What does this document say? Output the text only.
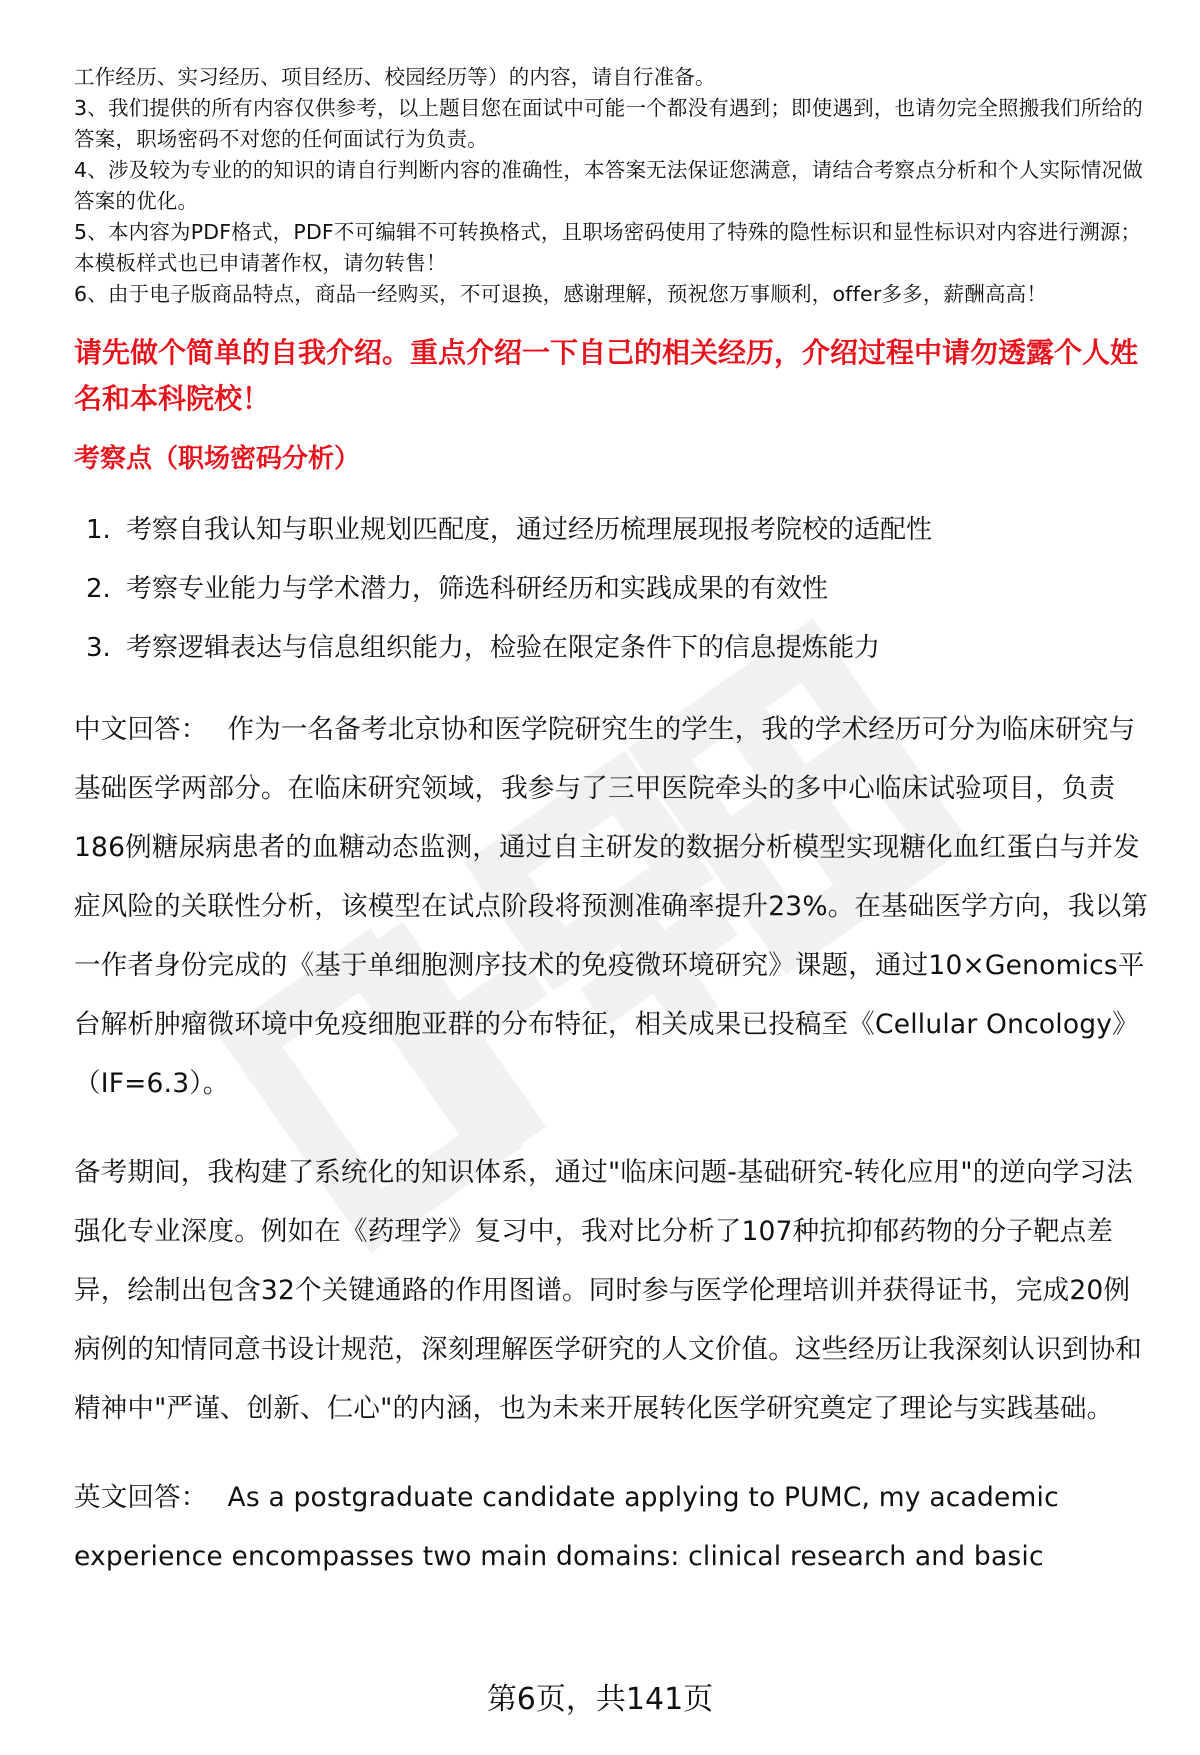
工作经历、实习经历、项目经历、校园经历等）的内容，请自行准备。

3、我们提供的所有内容仅供参考，以上题目您在面试中可能一个都没有遇到；即使遇到，也请勿完全照搬我们所给的答案，职场密码不对您的任何面试行为负责。

4、涉及较为专业的的知识的请自行判断内容的准确性，本答案无法保证您满意，请结合考察点分析和个人实际情况做答案的优化。

5、本内容为PDF格式，PDF不可编辑不可转换格式，且职场密码使用了特殊的隐性标识和显性标识对内容进行溯源；本模板样式也已申请著作权，请勿转售！

6、由于电子版商品特点，商品一经购买，不可退换，感谢理解，预祝您万事顺利，offer多多，薪酬高高！

请先做个简单的自我介绍。重点介绍一下自己的相关经历，介绍过程中请勿透露个人姓名和本科院校！
考察点（职场密码分析）
1. 考察自我认知与职业规划匹配度，通过经历梳理展现报考院校的适配性
2. 考察专业能力与学术潜力，筛选科研经历和实践成果的有效性
3. 考察逻辑表达与信息组织能力，检验在限定条件下的信息提炼能力

中文回答： 作为一名备考北京协和医学院研究生的学生，我的学术经历可分为临床研究与基础医学两部分。在临床研究领域，我参与了三甲医院牵头的多中心临床试验项目，负责186例糖尿病患者的血糖动态监测，通过自主研发的数据分析模型实现糖化血红蛋白与并发症风险的关联性分析，该模型在试点阶段将预测准确率提升23%。在基础医学方向，我以第一作者身份完成的《基于单细胞测序技术的免疫微环境研究》课题，通过10×Genomics平台解析肿瘤微环境中免疫细胞亚群的分布特征，相关成果已投稿至《Cellular Oncology》（IF=6.3）。

备考期间，我构建了系统化的知识体系，通过"临床问题-基础研究-转化应用"的逆向学习法强化专业深度。例如在《药理学》复习中，我对比分析了107种抗抑郁药物的分子靶点差异，绘制出包含32个关键通路的作用图谱。同时参与医学伦理培训并获得证书，完成20例病例的知情同意书设计规范，深刻理解医学研究的人文价值。这些经历让我深刻认识到协和精神中"严谨、创新、仁心"的内涵，也为未来开展转化医学研究奠定了理论与实践基础。

英文回答： As a postgraduate candidate applying to PUMC, my academic experience encompasses two main domains: clinical research and basic

第6页，共141页
